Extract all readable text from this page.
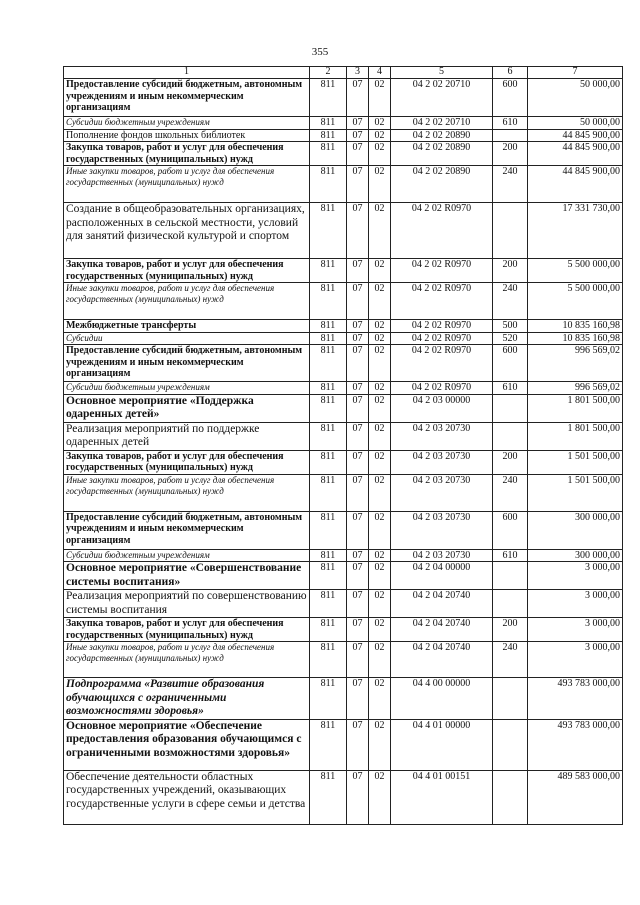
355
1	2	3	4	5	6	7
Предоставление субсидий бюджетным, автономным учреждениям и иным некоммерческим организациям	811	07	02	04 2 02 20710	600	50 000,00
Субсидии бюджетным учреждениям	811	07	02	04 2 02 20710	610	50 000,00
Пополнение фондов школьных библиотек	811	07	02	04 2 02 20890		44 845 900,00
Закупка товаров, работ и услуг для обеспечения государственных (муниципальных) нужд	811	07	02	04 2 02 20890	200	44 845 900,00
Иные закупки товаров, работ и услуг для обеспечения государственных (муниципальных) нужд	811	07	02	04 2 02 20890	240	44 845 900,00
Создание в общеобразовательных организациях, расположенных в сельской местности, условий для занятий физической культурой и спортом	811	07	02	04 2 02 R0970		17 331 730,00
Закупка товаров, работ и услуг для обеспечения государственных (муниципальных) нужд	811	07	02	04 2 02 R0970	200	5 500 000,00
Иные закупки товаров, работ и услуг для обеспечения государственных (муниципальных) нужд	811	07	02	04 2 02 R0970	240	5 500 000,00
Межбюджетные трансферты	811	07	02	04 2 02 R0970	500	10 835 160,98
Субсидии	811	07	02	04 2 02 R0970	520	10 835 160,98
Предоставление субсидий бюджетным, автономным учреждениям и иным некоммерческим организациям	811	07	02	04 2 02 R0970	600	996 569,02
Субсидии бюджетным учреждениям	811	07	02	04 2 02 R0970	610	996 569,02
Основное мероприятие «Поддержка одаренных детей»	811	07	02	04 2 03 00000		1 801 500,00
Реализация мероприятий по поддержке одаренных детей	811	07	02	04 2 03 20730		1 801 500,00
Закупка товаров, работ и услуг для обеспечения государственных (муниципальных) нужд	811	07	02	04 2 03 20730	200	1 501 500,00
Иные закупки товаров, работ и услуг для обеспечения государственных (муниципальных) нужд	811	07	02	04 2 03 20730	240	1 501 500,00
Предоставление субсидий бюджетным, автономным учреждениям и иным некоммерческим организациям	811	07	02	04 2 03 20730	600	300 000,00
Субсидии бюджетным учреждениям	811	07	02	04 2 03 20730	610	300 000,00
Основное мероприятие «Совершенствование системы воспитания»	811	07	02	04 2 04 00000		3 000,00
Реализация мероприятий по совершенствованию системы воспитания	811	07	02	04 2 04 20740		3 000,00
Закупка товаров, работ и услуг для обеспечения государственных (муниципальных) нужд	811	07	02	04 2 04 20740	200	3 000,00
Иные закупки товаров, работ и услуг для обеспечения государственных (муниципальных) нужд	811	07	02	04 2 04 20740	240	3 000,00
Подпрограмма «Развитие образования обучающихся с ограниченными возможностями здоровья»	811	07	02	04 4 00 00000		493 783 000,00
Основное мероприятие «Обеспечение предоставления образования обучающимся с ограниченными возможностями здоровья»	811	07	02	04 4 01 00000		493 783 000,00
Обеспечение деятельности областных государственных учреждений, оказывающих государственные услуги в сфере семьи и детства	811	07	02	04 4 01 00151		489 583 000,00
